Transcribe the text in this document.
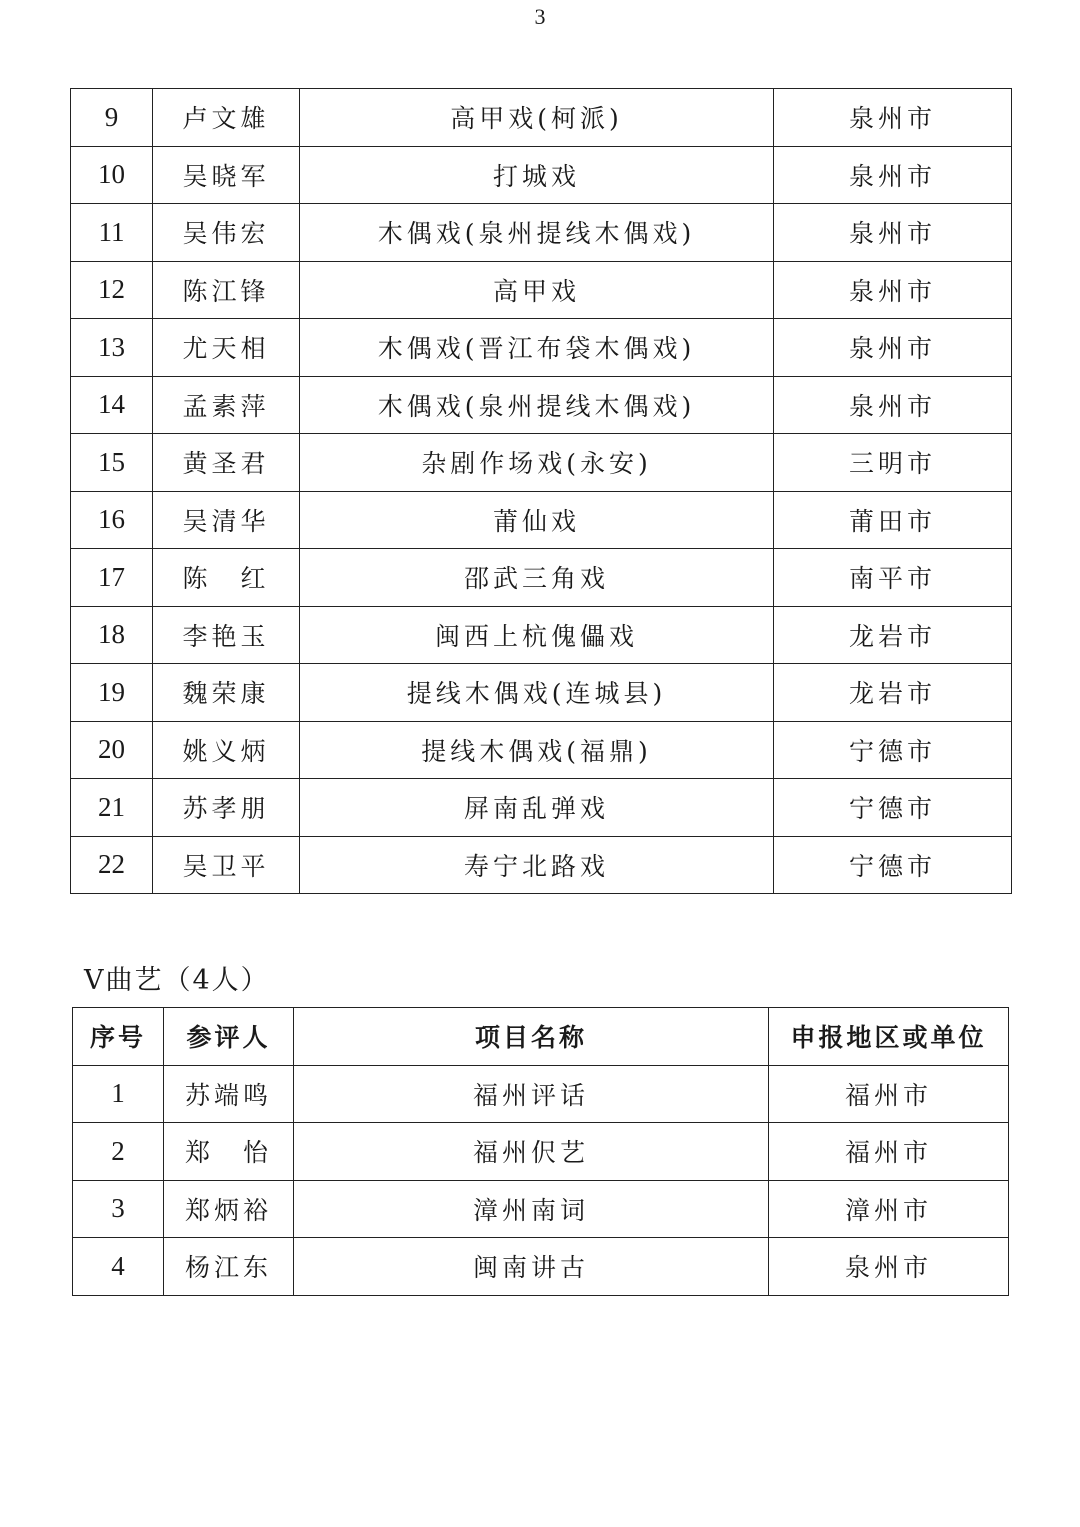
3
9	卢文雄	高甲戏(柯派)	泉州市
10	吴晓军	打城戏	泉州市
11	吴伟宏	木偶戏(泉州提线木偶戏)	泉州市
12	陈江锋	高甲戏	泉州市
13	尤天相	木偶戏(晋江布袋木偶戏)	泉州市
14	孟素萍	木偶戏(泉州提线木偶戏)	泉州市
15	黄圣君	杂剧作场戏(永安)	三明市
16	吴清华	莆仙戏	莆田市
17	陈　红	邵武三角戏	南平市
18	李艳玉	闽西上杭傀儡戏	龙岩市
19	魏荣康	提线木偶戏(连城县)	龙岩市
20	姚义炳	提线木偶戏(福鼎)	宁德市
21	苏孝朋	屏南乱弹戏	宁德市
22	吴卫平	寿宁北路戏	宁德市
Ⅴ曲艺（4人）
序号	参评人	项目名称	申报地区或单位
1	苏端鸣	福州评话	福州市
2	郑　怡	福州伬艺	福州市
3	郑炳裕	漳州南词	漳州市
4	杨江东	闽南讲古	泉州市
